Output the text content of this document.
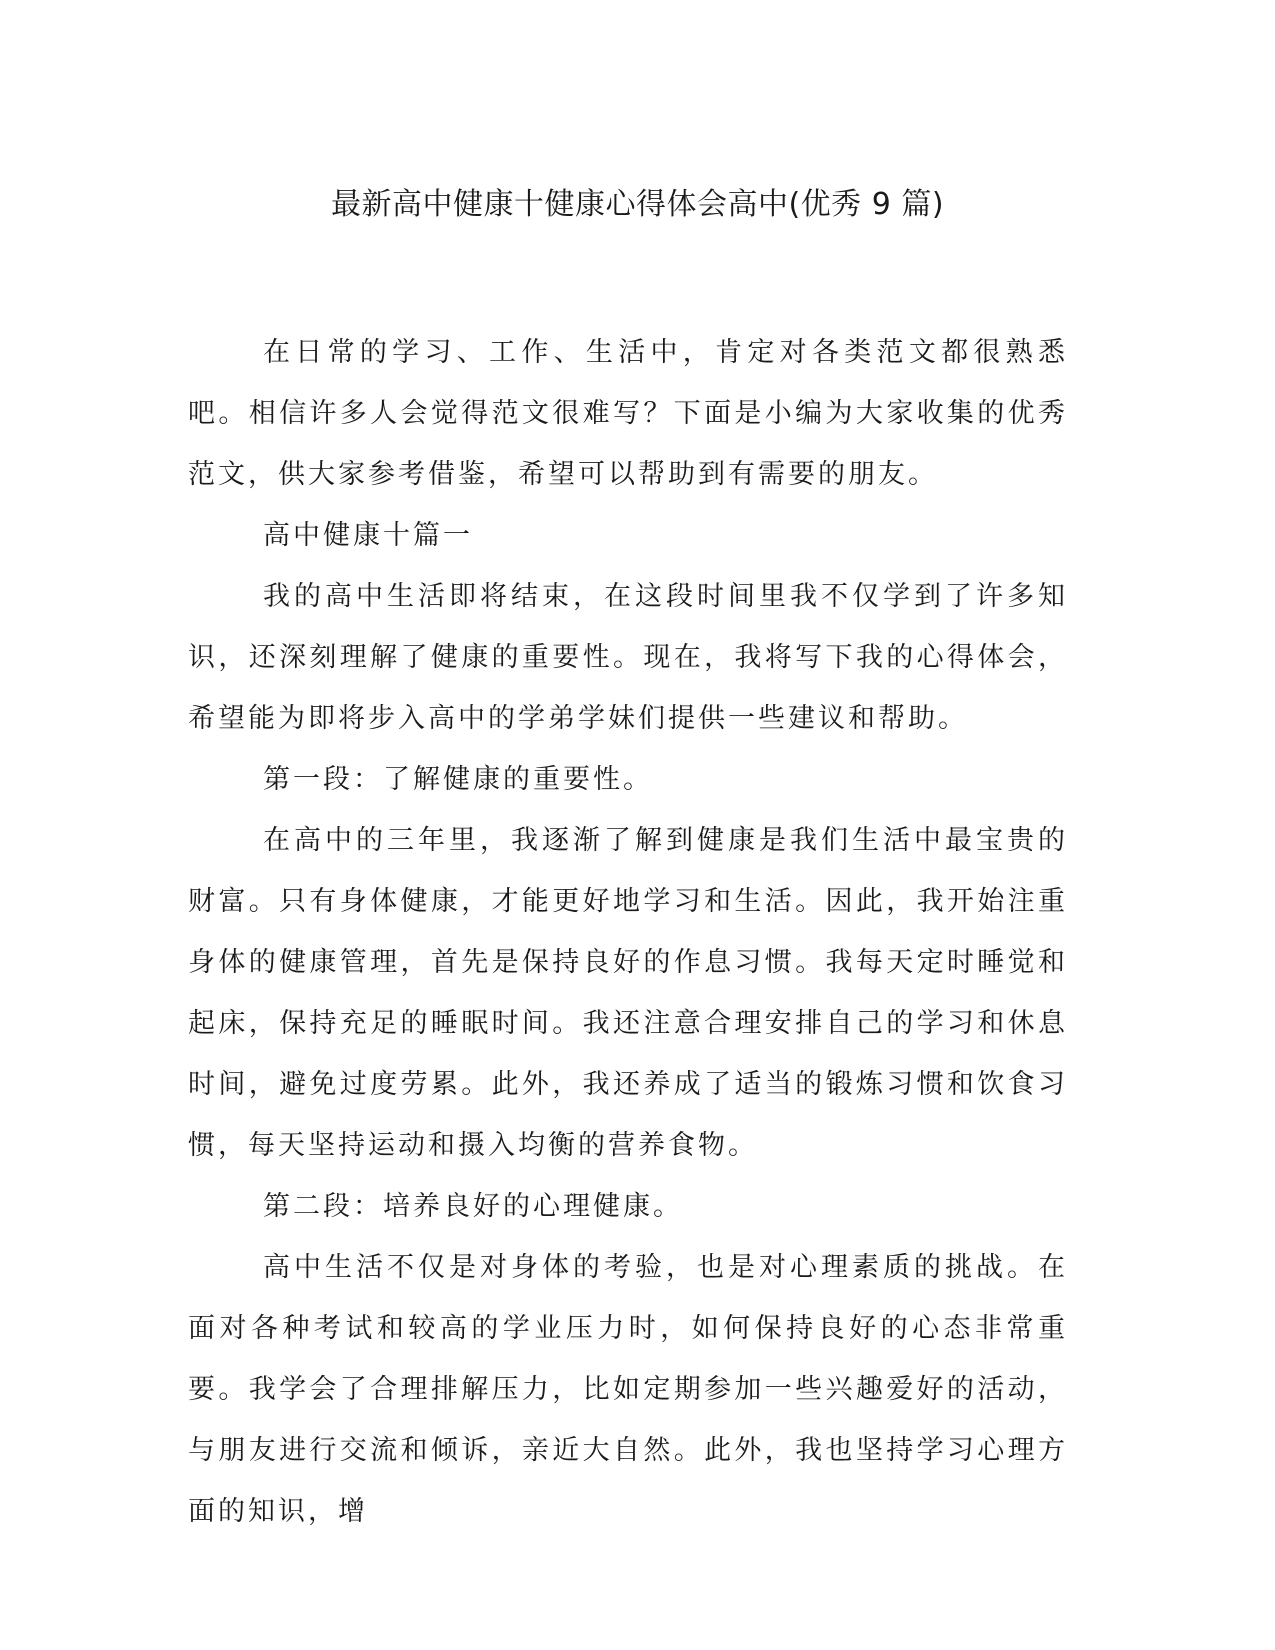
最新高中健康十健康心得体会高中(优秀 9 篇)

在日常的学习、工作、生活中，肯定对各类范文都很熟悉吧。相信许多人会觉得范文很难写？下面是小编为大家收集的优秀范文，供大家参考借鉴，希望可以帮助到有需要的朋友。

高中健康十篇一

我的高中生活即将结束，在这段时间里我不仅学到了许多知识，还深刻理解了健康的重要性。现在，我将写下我的心得体会，希望能为即将步入高中的学弟学妹们提供一些建议和帮助。

第一段：了解健康的重要性。

在高中的三年里，我逐渐了解到健康是我们生活中最宝贵的财富。只有身体健康，才能更好地学习和生活。因此，我开始注重身体的健康管理，首先是保持良好的作息习惯。我每天定时睡觉和起床，保持充足的睡眠时间。我还注意合理安排自己的学习和休息时间，避免过度劳累。此外，我还养成了适当的锻炼习惯和饮食习惯，每天坚持运动和摄入均衡的营养食物。

第二段：培养良好的心理健康。

高中生活不仅是对身体的考验，也是对心理素质的挑战。在面对各种考试和较高的学业压力时，如何保持良好的心态非常重要。我学会了合理排解压力，比如定期参加一些兴趣爱好的活动，与朋友进行交流和倾诉，亲近大自然。此外，我也坚持学习心理方面的知识，增
